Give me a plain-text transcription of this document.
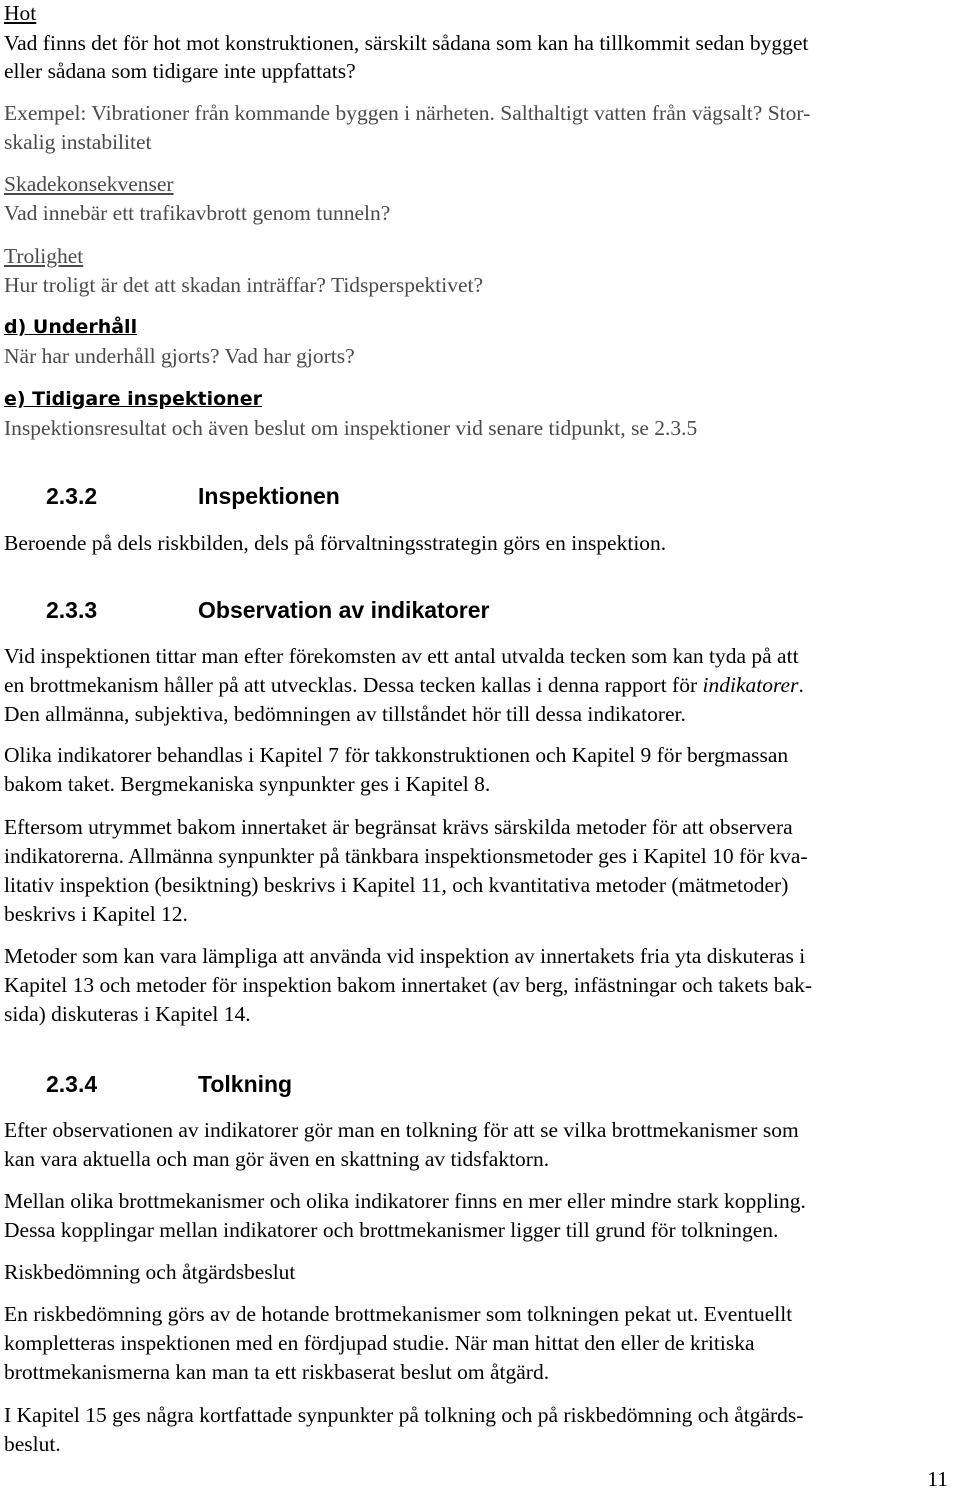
Hot
Vad finns det för hot mot konstruktionen, särskilt sådana som kan ha tillkommit sedan bygget
eller sådana som tidigare inte uppfattats?
Exempel: Vibrationer från kommande byggen i närheten. Salthaltigt vatten från vägsalt? Stor-
skalig instabilitet
Skadekonsekvenser
Vad innebär ett trafikavbrott genom tunneln?
Trolighet
Hur troligt är det att skadan inträffar? Tidsperspektivet?
d) Underhåll
När har underhåll gjorts? Vad har gjorts?
e) Tidigare inspektioner
Inspektionsresultat och även beslut om inspektioner vid senare tidpunkt, se 2.3.5
2.3.2	Inspektionen
Beroende på dels riskbilden, dels på förvaltningsstrategin görs en inspektion.
2.3.3	Observation av indikatorer
Vid inspektionen tittar man efter förekomsten av ett antal utvalda tecken som kan tyda på att
en brottmekanism håller på att utvecklas. Dessa tecken kallas i denna rapport för indikatorer.
Den allmänna, subjektiva, bedömningen av tillståndet hör till dessa indikatorer.
Olika indikatorer behandlas i Kapitel 7 för takkonstruktionen och Kapitel 9 för bergmassan
bakom taket. Bergmekaniska synpunkter ges i Kapitel 8.
Eftersom utrymmet bakom innertaket är begränsat krävs särskilda metoder för att observera
indikatorerna. Allmänna synpunkter på tänkbara inspektionsmetoder ges i Kapitel 10 för kva-
litativ inspektion (besiktning) beskrivs i Kapitel 11, och kvantitativa metoder (mätmetoder)
beskrivs i Kapitel 12.
Metoder som kan vara lämpliga att använda vid inspektion av innertakets fria yta diskuteras i
Kapitel 13 och metoder för inspektion bakom innertaket (av berg, infästningar och takets bak-
sida) diskuteras i Kapitel 14.
2.3.4	Tolkning
Efter observationen av indikatorer gör man en tolkning för att se vilka brottmekanismer som
kan vara aktuella och man gör även en skattning av tidsfaktorn.
Mellan olika brottmekanismer och olika indikatorer finns en mer eller mindre stark koppling.
Dessa kopplingar mellan indikatorer och brottmekanismer ligger till grund för tolkningen.
Riskbedömning och åtgärdsbeslut
En riskbedömning görs av de hotande brottmekanismer som tolkningen pekat ut. Eventuellt
kompletteras inspektionen med en fördjupad studie. När man hittat den eller de kritiska
brottmekanismerna kan man ta ett riskbaserat beslut om åtgärd.
I Kapitel 15 ges några kortfattade synpunkter på tolkning och på riskbedömning och åtgärds-
beslut.
11
